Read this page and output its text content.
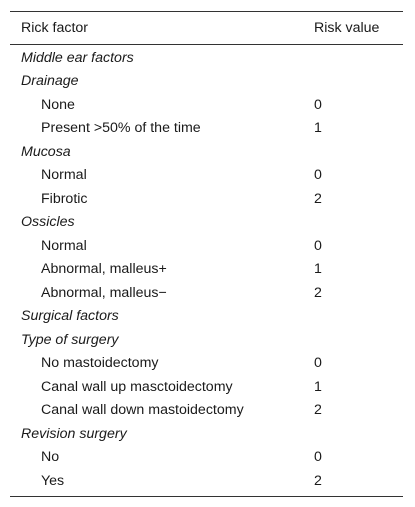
Rick factor	Risk value
Middle ear factors
Drainage
None	0
Present >50% of the time	1
Mucosa
Normal	0
Fibrotic	2
Ossicles
Normal	0
Abnormal, malleus+	1
Abnormal, malleus−	2
Surgical factors
Type of surgery
No mastoidectomy	0
Canal wall up masctoidectomy	1
Canal wall down mastoidectomy	2
Revision surgery
No	0
Yes	2
